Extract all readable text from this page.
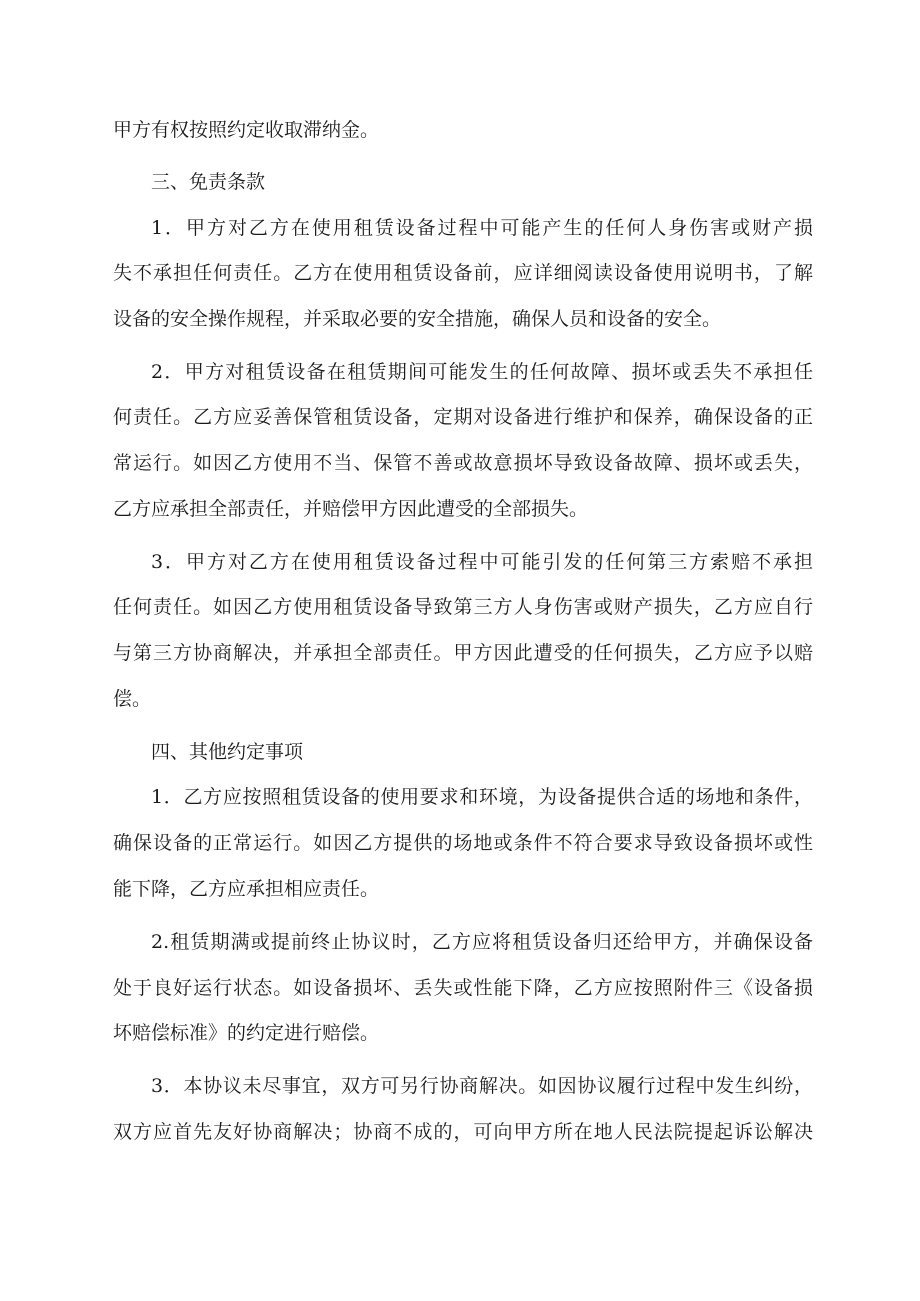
甲方有权按照约定收取滞纳金。
三、免责条款
1．甲方对乙方在使用租赁设备过程中可能产生的任何人身伤害或财产损
失不承担任何责任。乙方在使用租赁设备前，应详细阅读设备使用说明书，了解
设备的安全操作规程，并采取必要的安全措施，确保人员和设备的安全。
2．甲方对租赁设备在租赁期间可能发生的任何故障、损坏或丢失不承担任
何责任。乙方应妥善保管租赁设备，定期对设备进行维护和保养，确保设备的正
常运行。如因乙方使用不当、保管不善或故意损坏导致设备故障、损坏或丢失，
乙方应承担全部责任，并赔偿甲方因此遭受的全部损失。
3．甲方对乙方在使用租赁设备过程中可能引发的任何第三方索赔不承担
任何责任。如因乙方使用租赁设备导致第三方人身伤害或财产损失，乙方应自行
与第三方协商解决，并承担全部责任。甲方因此遭受的任何损失，乙方应予以赔
偿。
四、其他约定事项
1．乙方应按照租赁设备的使用要求和环境，为设备提供合适的场地和条件，
确保设备的正常运行。如因乙方提供的场地或条件不符合要求导致设备损坏或性
能下降，乙方应承担相应责任。
2.租赁期满或提前终止协议时，乙方应将租赁设备归还给甲方，并确保设备
处于良好运行状态。如设备损坏、丢失或性能下降，乙方应按照附件三《设备损
坏赔偿标准》的约定进行赔偿。
3．本协议未尽事宜，双方可另行协商解决。如因协议履行过程中发生纠纷，
双方应首先友好协商解决；协商不成的，可向甲方所在地人民法院提起诉讼解决
